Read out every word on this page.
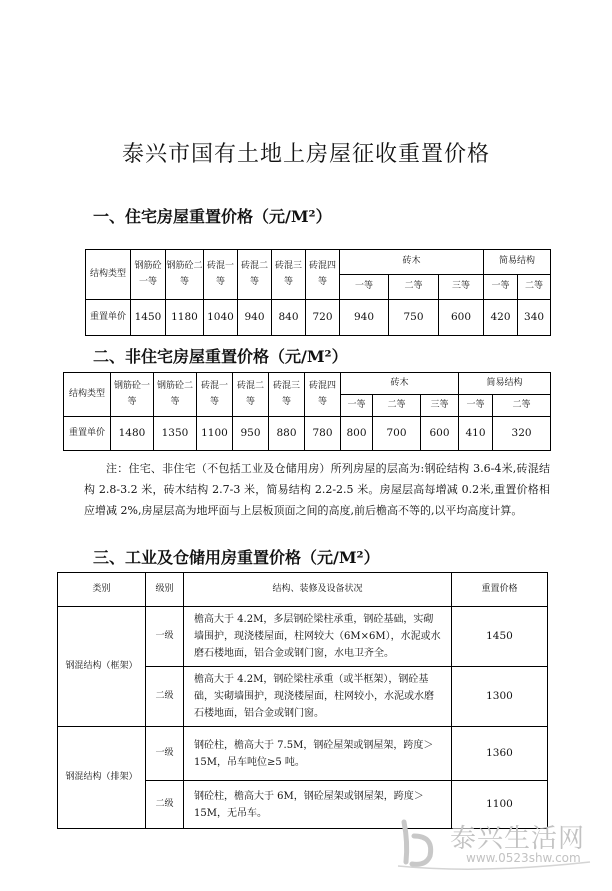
泰兴市国有土地上房屋征收重置价格
一、住宅房屋重置价格（元/M²）
结构类型	钢筋砼一等	钢筋砼二等	砖混一等	砖混二等	砖混三等	砖混四等	砖木			简易结构	
							一等	二等	三等	一等	二等
重置单价	1450	1180	1040	940	840	720	940	750	600	420	340
二、非住宅房屋重置价格（元/M²）
结构类型	钢筋砼一等	钢筋砼二等	砖混一等	砖混二等	砖混三等	砖混四等	砖木			简易结构	
							一等	二等	三等	一等	二等
重置单价	1480	1350	1100	950	880	780	800	700	600	410	320
注：住宅、非住宅（不包括工业及仓储用房）所列房屋的层高为:钢砼结构 3.6-4米,砖混结构 2.8-3.2 米，砖木结构 2.7-3 米，简易结构 2.2-2.5 米。房屋层高每增减 0.2米,重置价格相应增减 2%,房屋层高为地坪面与上层板顶面之间的高度,前后檐高不等的,以平均高度计算。
三、工业及仓储用房重置价格（元/M²）
类别	级别	结构、装修及设备状况	重置价格
钢混结构（框架）	一级	檐高大于 4.2M，多层钢砼梁柱承重，钢砼基础，实砌墙围护，现浇楼屋面，柱网较大（6M×6M），水泥或水磨石楼地面，铝合金或钢门窗，水电卫齐全。	1450
	二级	檐高大于 4.2M，钢砼梁柱承重（或半框架），钢砼基础，实砌墙围护，现浇楼屋面，柱网较小，水泥或水磨石楼地面，铝合金或钢门窗。	1300
钢混结构（排架）	一级	钢砼柱，檐高大于 7.5M，钢砼屋架或钢屋架，跨度＞15M，吊车吨位≥5 吨。	1360
	二级	钢砼柱，檐高大于 6M，钢砼屋架或钢屋架，跨度＞15M，无吊车。	1100
泰兴生活网
www.0523shw.com
